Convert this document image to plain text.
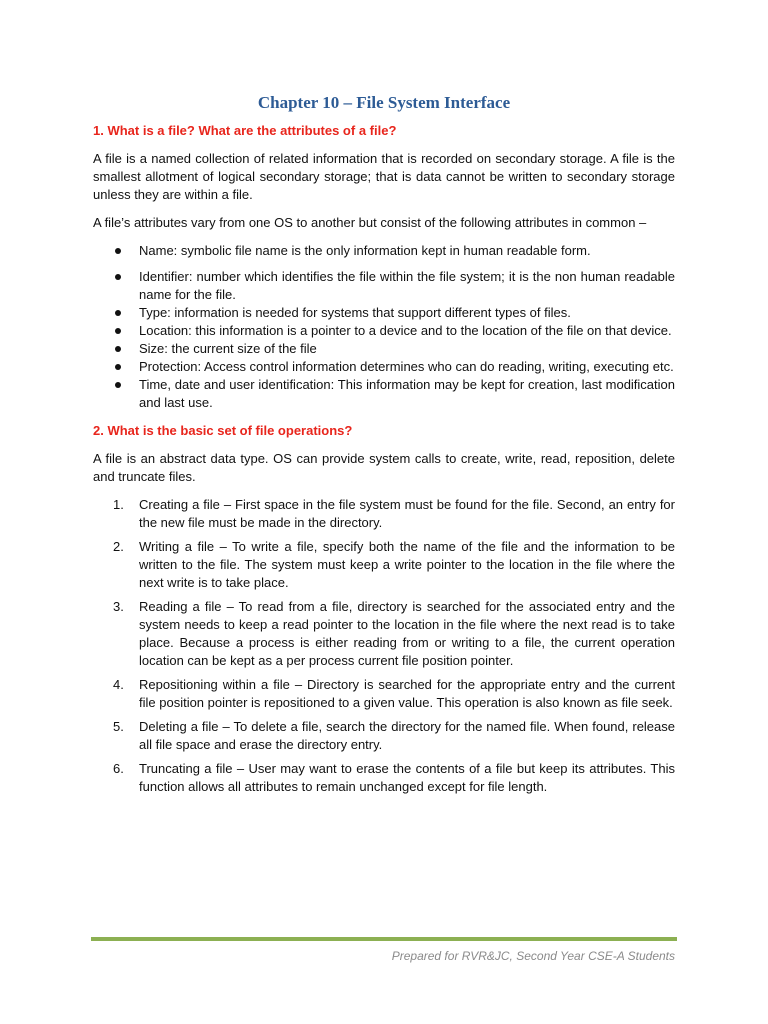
Chapter 10 – File System Interface
1. What is a file? What are the attributes of a file?

A file is a named collection of related information that is recorded on secondary storage. A file is the smallest allotment of logical secondary storage; that is data cannot be written to secondary storage unless they are within a file.

A file’s attributes vary from one OS to another but consist of the following attributes in common –

Name: symbolic file name is the only information kept in human readable form.
Identifier: number which identifies the file within the file system; it is the non human readable name for the file.
Type: information is needed for systems that support different types of files.
Location: this information is a pointer to a device and to the location of the file on that device.
Size: the current size of the file
Protection: Access control information determines who can do reading, writing, executing etc.
Time, date and user identification: This information may be kept for creation, last modification and last use.
2. What is the basic set of file operations?

A file is an abstract data type. OS can provide system calls to create, write, read, reposition, delete and truncate files.

1. Creating a file – First space in the file system must be found for the file. Second, an entry for the new file must be made in the directory.
2. Writing a file – To write a file, specify both the name of the file and the information to be written to the file. The system must keep a write pointer to the location in the file where the next write is to take place.
3. Reading a file – To read from a file, directory is searched for the associated entry and the system needs to keep a read pointer to the location in the file where the next read is to take place. Because a process is either reading from or writing to a file, the current operation location can be kept as a per process current file position pointer.
4. Repositioning within a file – Directory is searched for the appropriate entry and the current file position pointer is repositioned to a given value. This operation is also known as file seek.
5. Deleting a file – To delete a file, search the directory for the named file. When found, release all file space and erase the directory entry.
6. Truncating a file – User may want to erase the contents of a file but keep its attributes. This function allows all attributes to remain unchanged except for file length.
Prepared for RVR&JC, Second Year CSE-A Students
